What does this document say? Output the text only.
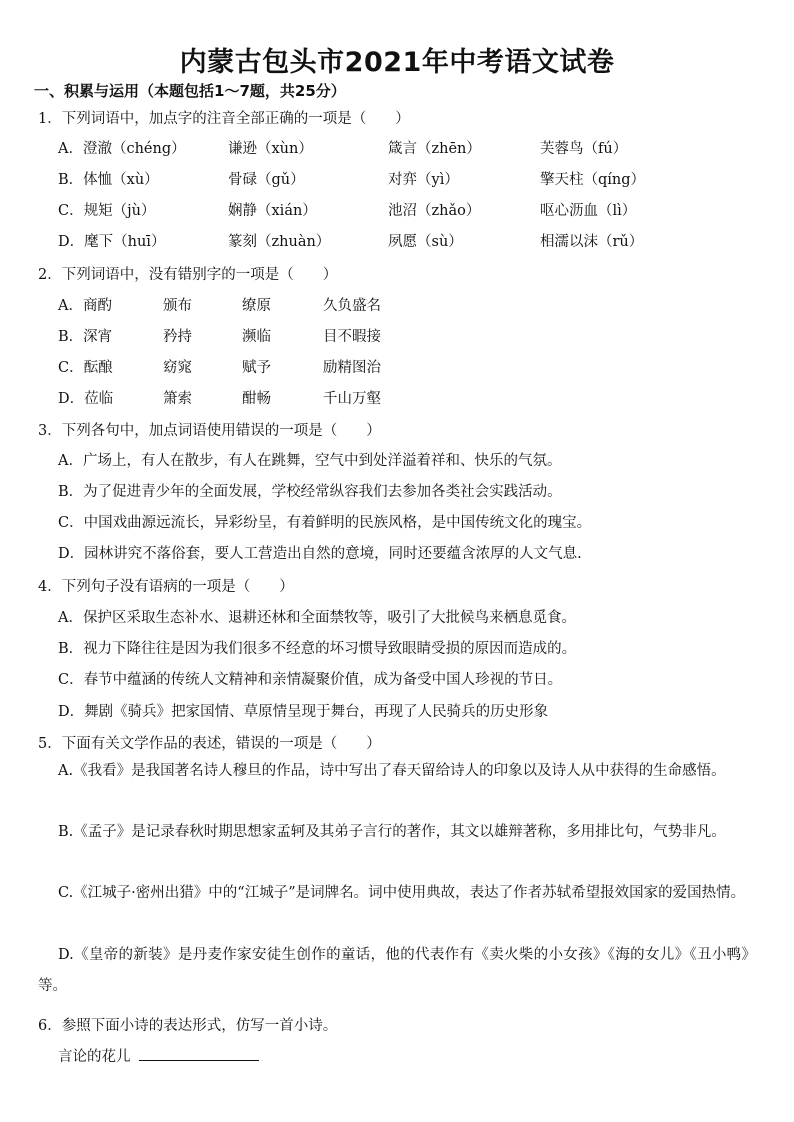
内蒙古包头市2021年中考语文试卷
一、积累与运用（本题包括1～7题，共25分）
1．下列词语中，加点字的注音全部正确的一项是（　　）
A．澄澈（chéng）	谦逊（xùn）	箴言（zhēn）	芙蓉鸟（fú）
B．体恤（xù）	骨碌（gǔ）	对弈（yì）	擎天柱（qíng）
C．规矩（jù）	娴静（xián）	池沼（zhǎo）	呕心沥血（lì）
D．麾下（huī）	篆刻（zhuàn）	夙愿（sù）	相濡以沫（rǔ）
2．下列词语中，没有错别字的一项是（　　）
A．商酌	颁布	缭原	久负盛名
B．深宵	矜持	濒临	目不暇接
C．酝酿	窈窕	赋予	励精图治
D．莅临	箫索	酣畅	千山万壑
3．下列各句中，加点词语使用错误的一项是（　　）
A．广场上，有人在散步，有人在跳舞，空气中到处洋溢着祥和、快乐的气氛。
B．为了促进青少年的全面发展，学校经常纵容我们去参加各类社会实践活动。
C．中国戏曲源远流长，异彩纷呈，有着鲜明的民族风格，是中国传统文化的瑰宝。
D．园林讲究不落俗套，要人工营造出自然的意境，同时还要蕴含浓厚的人文气息.
4．下列句子没有语病的一项是（　　）
A．保护区采取生态补水、退耕还林和全面禁牧等，吸引了大批候鸟来栖息觅食。
B．视力下降往往是因为我们很多不经意的坏习惯导致眼睛受损的原因而造成的。
C．春节中蕴涵的传统人文精神和亲情凝聚价值，成为备受中国人珍视的节日。
D．舞剧《骑兵》把家国情、草原情呈现于舞台，再现了人民骑兵的历史形象
5．下面有关文学作品的表述，错误的一项是（　　）
A.《我看》是我国著名诗人穆旦的作品，诗中写出了春天留给诗人的印象以及诗人从中获得的生命感悟。
B.《孟子》是记录春秋时期思想家孟轲及其弟子言行的著作，其文以雄辩著称，多用排比句，气势非凡。
C.《江城子·密州出猎》中的“江城子”是词牌名。词中使用典故，表达了作者苏轼希望报效国家的爱国热情。
D.《皇帝的新装》是丹麦作家安徒生创作的童话，他的代表作有《卖火柴的小女孩》《海的女儿》《丑小鸭》等。
6．参照下面小诗的表达形式，仿写一首小诗。
言论的花儿
